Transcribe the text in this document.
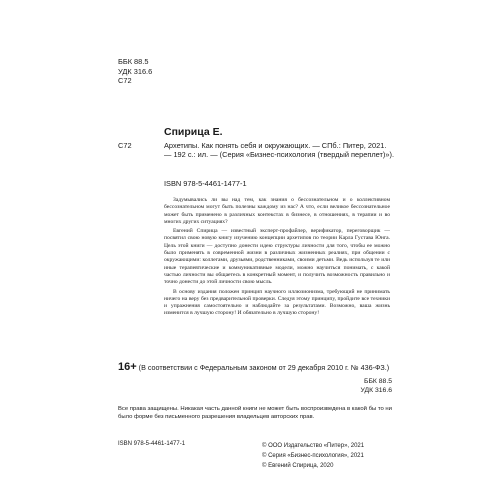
ББК 88.5
УДК 316.6
С72
Спирица Е.
С72	Архетипы. Как понять себя и окружающих. — СПб.: Питер, 2021. — 192 с.: ил. — (Серия «Бизнес-психология (твердый переплет)»).
ISBN 978-5-4461-1477-1

Задумывались ли вы над тем, как знания о бессознательном и о коллективном бессознательном могут быть полезны каждому из нас? А что, если великое бессознательное может быть применено в различных контекстах в бизнесе, в отношениях, в терапии и во многих других ситуациях?

Евгений Спирица — известный эксперт-профайлер, верификатор, переговорщик — посвятил свою новую книгу изучению концепции архетипов по теории Карла Густава Юнга. Цель этой книги — доступно донести идею структуры личности для того, чтобы ее можно было применять в современной жизни в различных жизненных реалиях, при общении с окружающими: коллегами, друзьями, родственниками, своими детьми. Ведь используя те или иные терапевтические и коммуникативные модели, можно научиться понимать, с какой частью личности вы общаетесь в конкретный момент, и получить возможность правильно и точно донести до этой личности свою мысль.

В основу издания положен принцип научного иллюзионизма, требующий не принимать ничего на веру без предварительной проверки. Следуя этому принципу, пройдите все техники и упражнения самостоятельно и наблюдайте за результатами. Возможно, ваша жизнь изменится в лучшую сторону! И обязательно в лучшую сторону!

16+ (В соответствии с Федеральным законом от 29 декабря 2010 г. № 436-ФЗ.)
ББК 88.5
УДК 316.6
Все права защищены. Никакая часть данной книги не может быть воспроизведена в какой бы то ни было форме без письменного разрешения владельцев авторских прав.
ISBN 978-5-4461-1477-1	© ООО Издательство «Питер», 2021
© Серия «Бизнес-психология», 2021
© Евгений Спирица, 2020
